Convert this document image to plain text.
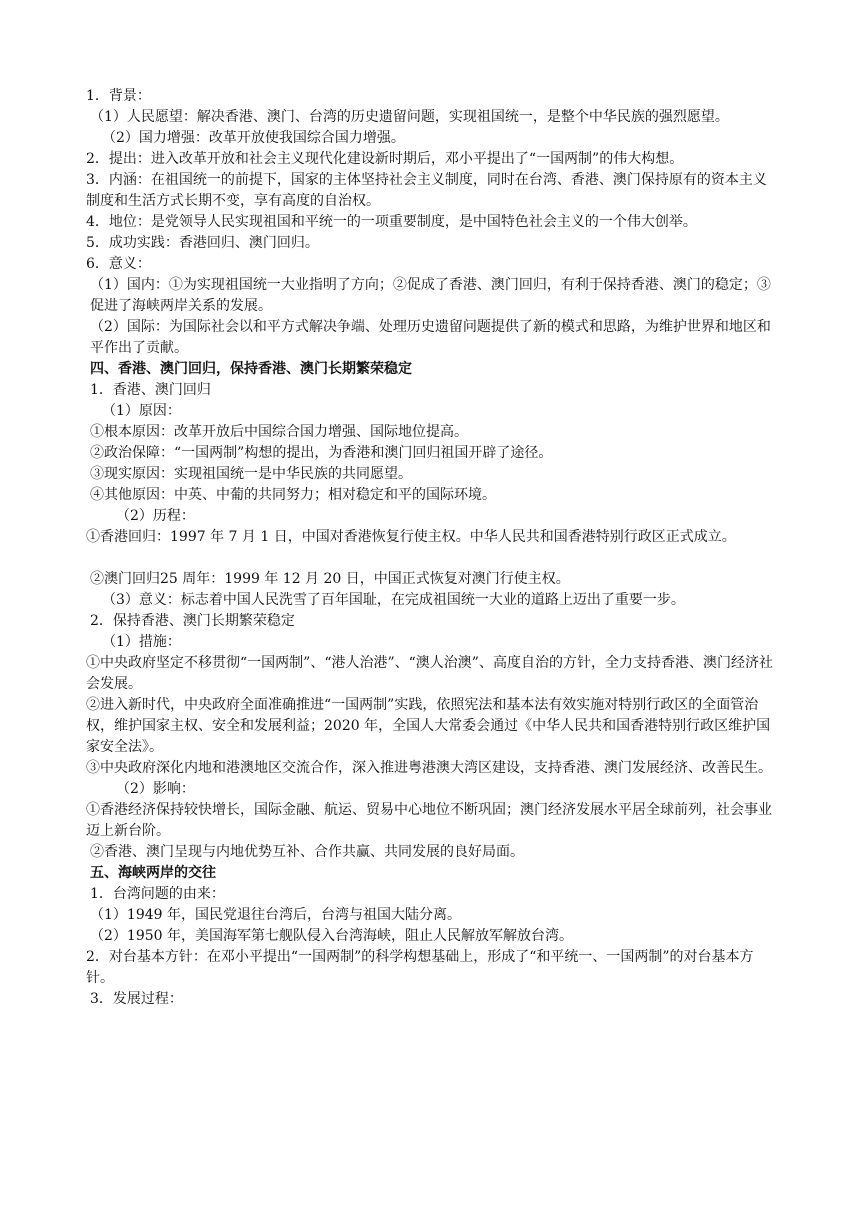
1．背景：
（1）人民愿望：解决香港、澳门、台湾的历史遗留问题，实现祖国统一，是整个中华民族的强烈愿望。
（2）国力增强：改革开放使我国综合国力增强。
2．提出：进入改革开放和社会主义现代化建设新时期后，邓小平提出了“一国两制”的伟大构想。
3．内涵：在祖国统一的前提下，国家的主体坚持社会主义制度，同时在台湾、香港、澳门保持原有的资本主义制度和生活方式长期不变，享有高度的自治权。
4．地位：是党领导人民实现祖国和平统一的一项重要制度，是中国特色社会主义的一个伟大创举。
5．成功实践：香港回归、澳门回归。
6．意义：
（1）国内：①为实现祖国统一大业指明了方向；②促成了香港、澳门回归，有利于保持香港、澳门的稳定；③促进了海峡两岸关系的发展。
（2）国际：为国际社会以和平方式解决争端、处理历史遗留问题提供了新的模式和思路，为维护世界和地区和平作出了贡献。
四、香港、澳门回归，保持香港、澳门长期繁荣稳定
1．香港、澳门回归
（1）原因：
①根本原因：改革开放后中国综合国力增强、国际地位提高。
②政治保障：“一国两制”构想的提出，为香港和澳门回归祖国开辟了途径。
③现实原因：实现祖国统一是中华民族的共同愿望。
④其他原因：中英、中葡的共同努力；相对稳定和平的国际环境。
（2）历程：
①香港回归：1997 年 7 月 1 日，中国对香港恢复行使主权。中华人民共和国香港特别行政区正式成立。
②澳门回归25 周年：1999 年 12 月 20 日，中国正式恢复对澳门行使主权。
（3）意义：标志着中国人民洗雪了百年国耻，在完成祖国统一大业的道路上迈出了重要一步。
2．保持香港、澳门长期繁荣稳定
（1）措施：
①中央政府坚定不移贯彻“一国两制”、“港人治港”、“澳人治澳”、高度自治的方针，全力支持香港、澳门经济社会发展。
②进入新时代，中央政府全面准确推进“一国两制”实践，依照宪法和基本法有效实施对特别行政区的全面管治权，维护国家主权、安全和发展利益；2020 年，全国人大常委会通过《中华人民共和国香港特别行政区维护国家安全法》。
③中央政府深化内地和港澳地区交流合作，深入推进粤港澳大湾区建设，支持香港、澳门发展经济、改善民生。
（2）影响：
①香港经济保持较快增长，国际金融、航运、贸易中心地位不断巩固；澳门经济发展水平居全球前列，社会事业迈上新台阶。
②香港、澳门呈现与内地优势互补、合作共赢、共同发展的良好局面。
五、海峡两岸的交往
1．台湾问题的由来：
（1）1949 年，国民党退往台湾后，台湾与祖国大陆分离。
（2）1950 年，美国海军第七舰队侵入台湾海峡，阻止人民解放军解放台湾。
2．对台基本方针：在邓小平提出“一国两制”的科学构想基础上，形成了“和平统一、一国两制”的对台基本方针。
3．发展过程：
